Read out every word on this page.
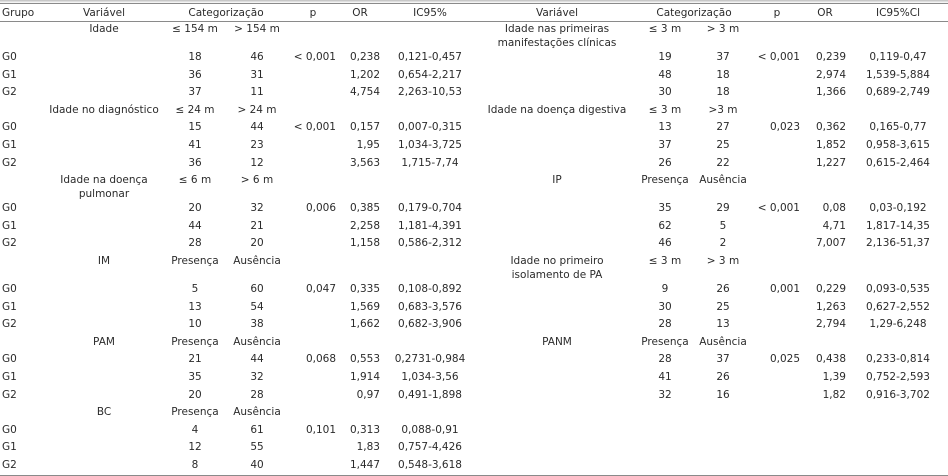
Grupo	Variável	Categorização		p	OR	IC95%	Variável	Categorização		p	OR	IC95%Cl
	Idade	≤ 154 m	> 154 m				Idade nas primeiras manifestações clínicas	≤ 3 m	> 3 m			
G0		18	46	< 0,001	0,238	0,121-0,457		19	37	< 0,001	0,239	0,119-0,47
G1		36	31		1,202	0,654-2,217		48	18		2,974	1,539-5,884
G2		37	11		4,754	2,263-10,53		30	18		1,366	0,689-2,749
	Idade no diagnóstico	≤ 24 m	> 24 m				Idade na doença digestiva	≤ 3 m	>3 m			
G0		15	44	< 0,001	0,157	0,007-0,315		13	27	0,023	0,362	0,165-0,77
G1		41	23		1,95	1,034-3,725		37	25		1,852	0,958-3,615
G2		36	12		3,563	1,715-7,74		26	22		1,227	0,615-2,464
	Idade na doença pulmonar	≤ 6 m	> 6 m				IP	Presença	Ausência			
G0		20	32	0,006	0,385	0,179-0,704		35	29	< 0,001	0,08	0,03-0,192
G1		44	21		2,258	1,181-4,391		62	5		4,71	1,817-14,35
G2		28	20		1,158	0,586-2,312		46	2		7,007	2,136-51,37
	IM	Presença	Ausência				Idade no primeiro isolamento de PA	≤ 3 m	> 3 m			
G0		5	60	0,047	0,335	0,108-0,892		9	26	0,001	0,229	0,093-0,535
G1		13	54		1,569	0,683-3,576		30	25		1,263	0,627-2,552
G2		10	38		1,662	0,682-3,906		28	13		2,794	1,29-6,248
	PAM	Presença	Ausência				PANM	Presença	Ausência			
G0		21	44	0,068	0,553	0,2731-0,984		28	37	0,025	0,438	0,233-0,814
G1		35	32		1,914	1,034-3,56		41	26		1,39	0,752-2,593
G2		20	28		0,97	0,491-1,898		32	16		1,82	0,916-3,702
	BC	Presença	Ausência									
G0		4	61	0,101	0,313	0,088-0,91						
G1		12	55		1,83	0,757-4,426						
G2		8	40		1,447	0,548-3,618						
